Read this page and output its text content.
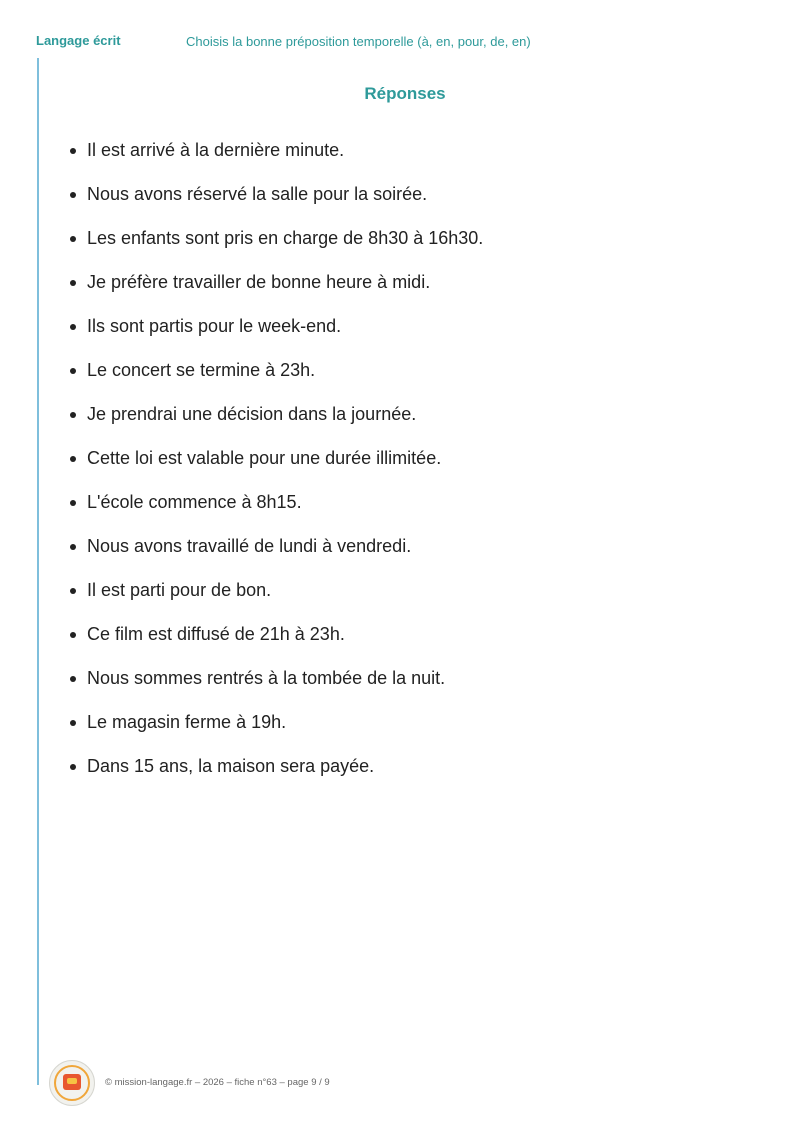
Langage écrit	Choisis la bonne préposition temporelle (à, en, pour, de, en)
Réponses
Il est arrivé à la dernière minute.
Nous avons réservé la salle pour la soirée.
Les enfants sont pris en charge de 8h30 à 16h30.
Je préfère travailler de bonne heure à midi.
Ils sont partis pour le week-end.
Le concert se termine à 23h.
Je prendrai une décision dans la journée.
Cette loi est valable pour une durée illimitée.
L'école commence à 8h15.
Nous avons travaillé de lundi à vendredi.
Il est parti pour de bon.
Ce film est diffusé de 21h à 23h.
Nous sommes rentrés à la tombée de la nuit.
Le magasin ferme à 19h.
Dans 15 ans, la maison sera payée.
© mission-langage.fr – 2026 – fiche n°63 – page 9 / 9
